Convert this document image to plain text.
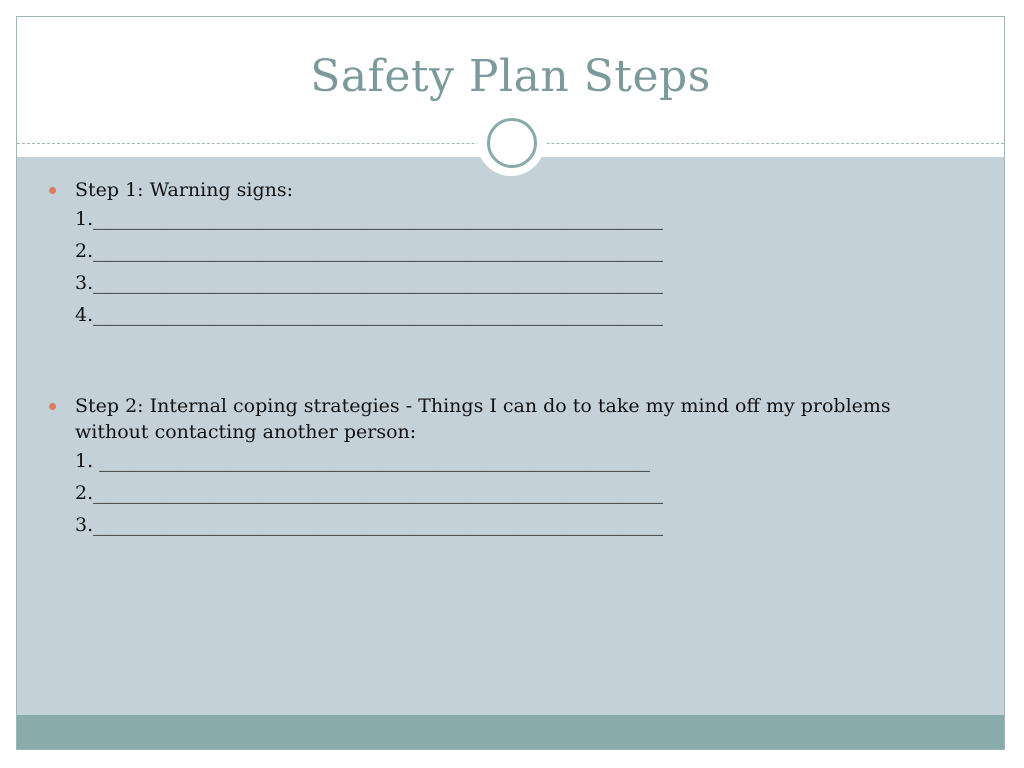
Safety Plan Steps
Step 1: Warning signs:
1.____________________________________________________________
2.____________________________________________________________
3.____________________________________________________________
4.____________________________________________________________
Step 2: Internal coping strategies - Things I can do to take my mind off my problems without contacting another person:
1. __________________________________________________________
2.____________________________________________________________
3.____________________________________________________________
